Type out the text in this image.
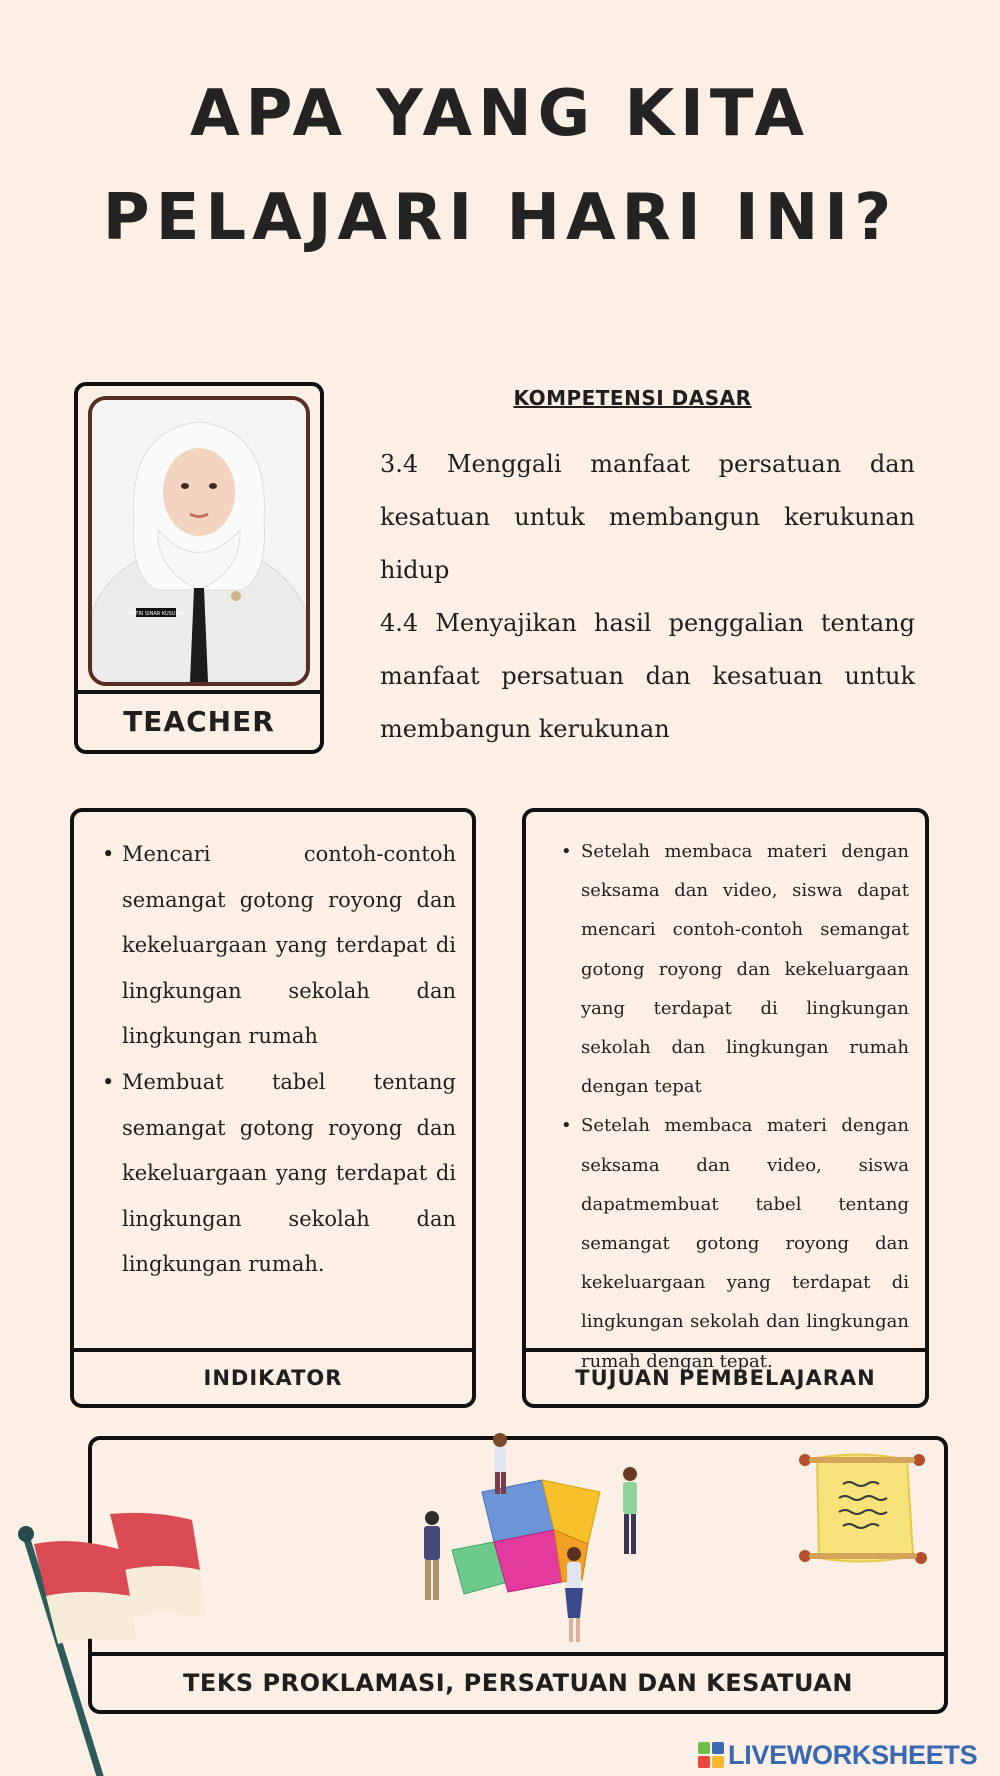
APA YANG KITA
PELAJARI HARI INI?
PUTRI SINAR KUSUMA
TEACHER
KOMPETENSI DASAR

3.4 Menggali manfaat persatuan dan kesatuan untuk membangun kerukunan hidup

4.4 Menyajikan hasil penggalian tentang manfaat persatuan dan kesatuan untuk membangun kerukunan

• Mencari contoh-contoh semangat gotong royong dan kekeluargaan yang terdapat di lingkungan sekolah dan lingkungan rumah
• Membuat tabel tentang semangat gotong royong dan kekeluargaan yang terdapat di lingkungan sekolah dan lingkungan rumah.
INDIKATOR
• Setelah membaca materi dengan seksama dan video, siswa dapat mencari contoh-contoh semangat gotong royong dan kekeluargaan yang terdapat di lingkungan sekolah dan lingkungan rumah dengan tepat
• Setelah membaca materi dengan seksama dan video, siswa dapatmembuat tabel tentang semangat gotong royong dan kekeluargaan yang terdapat di lingkungan sekolah dan lingkungan rumah dengan tepat.
TUJUAN PEMBELAJARAN
TEKS PROKLAMASI, PERSATUAN DAN KESATUAN
LIVEWORKSHEETS
